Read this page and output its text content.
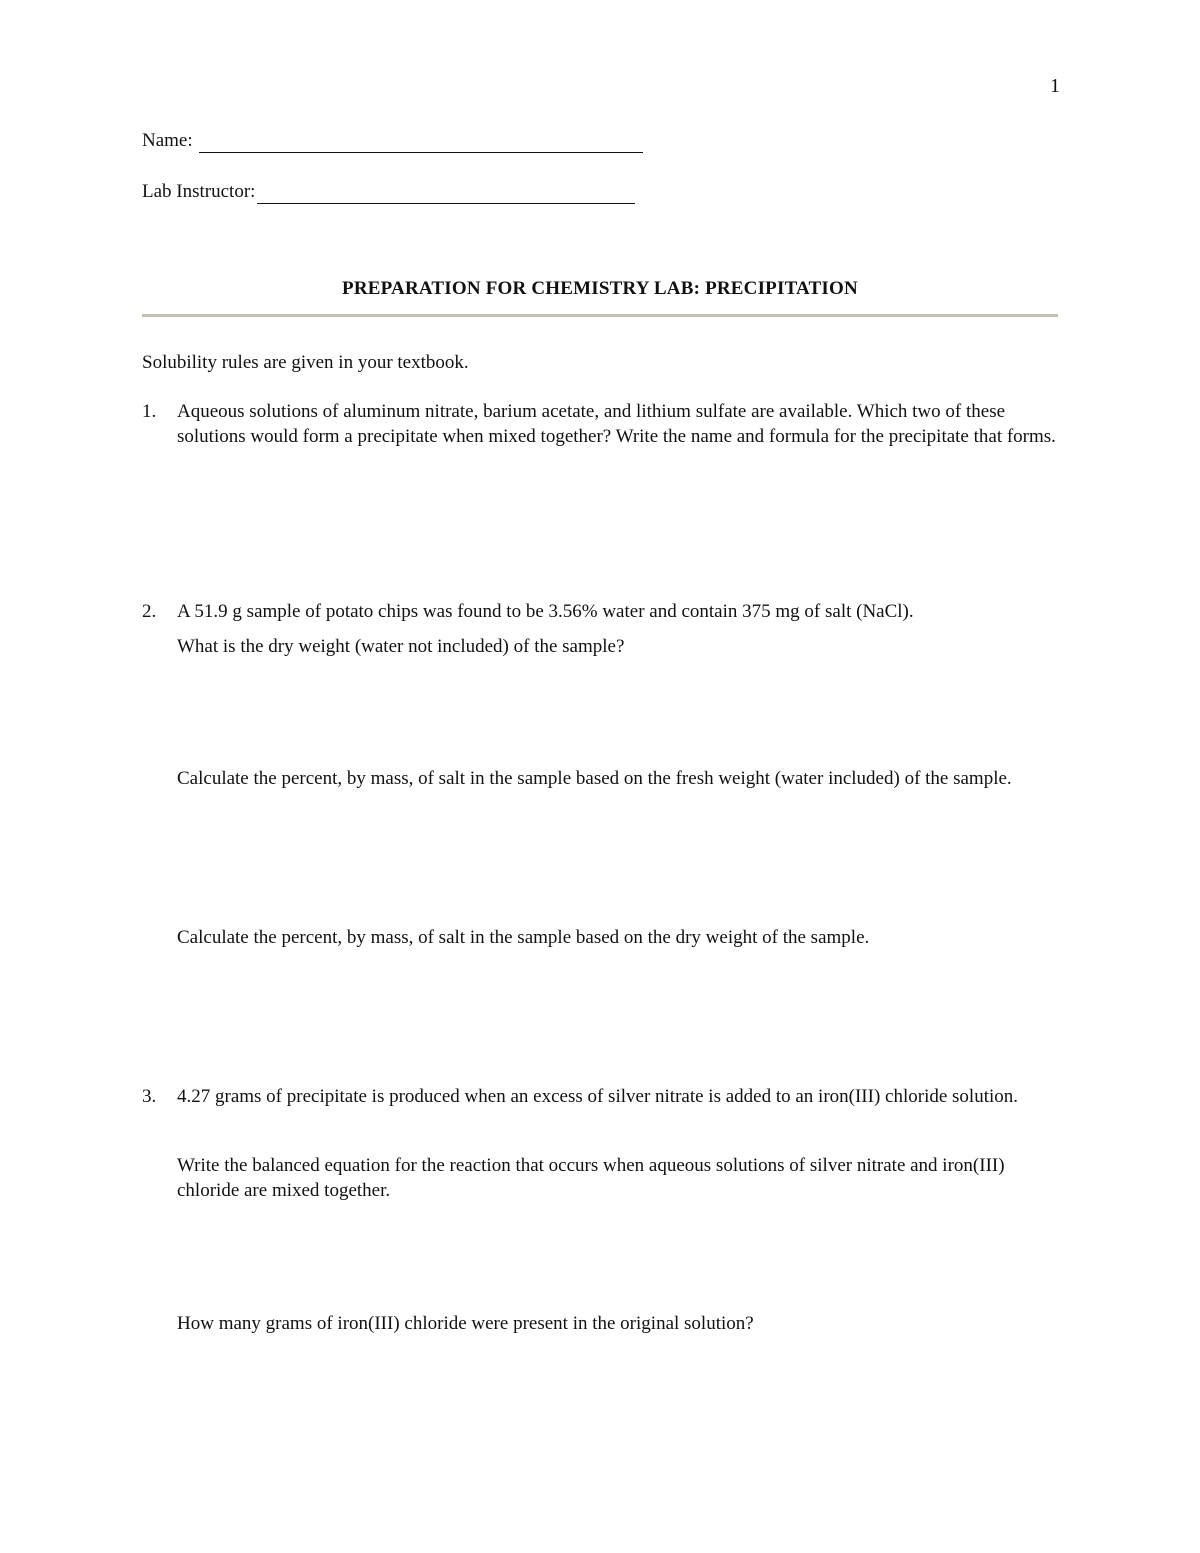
1
Name:
Lab Instructor:
PREPARATION FOR CHEMISTRY LAB: PRECIPITATION
Solubility rules are given in your textbook.
1. Aqueous solutions of aluminum nitrate, barium acetate, and lithium sulfate are available. Which two of these solutions would form a precipitate when mixed together? Write the name and formula for the precipitate that forms.
2. A 51.9 g sample of potato chips was found to be 3.56% water and contain 375 mg of salt (NaCl).
What is the dry weight (water not included) of the sample?
Calculate the percent, by mass, of salt in the sample based on the fresh weight (water included) of the sample.
Calculate the percent, by mass, of salt in the sample based on the dry weight of the sample.
3. 4.27 grams of precipitate is produced when an excess of silver nitrate is added to an iron(III) chloride solution.
Write the balanced equation for the reaction that occurs when aqueous solutions of silver nitrate and iron(III) chloride are mixed together.
How many grams of iron(III) chloride were present in the original solution?
